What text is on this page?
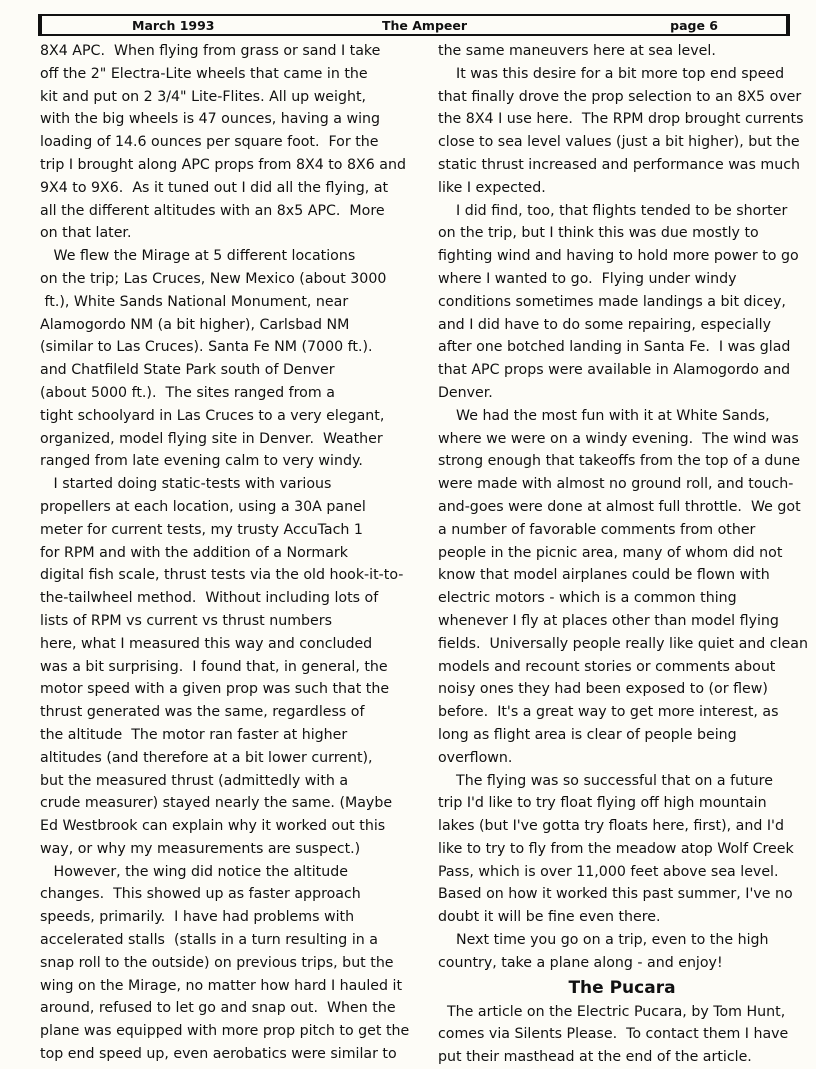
March 1993	The Ampeer	page 6

8X4 APC.  When flying from grass or sand I take

off the 2" Electra-Lite wheels that came in the

kit and put on 2 3/4" Lite-Flites. All up weight,

with the big wheels is 47 ounces, having a wing

loading of 14.6 ounces per square foot.  For the

trip I brought along APC props from 8X4 to 8X6 and

9X4 to 9X6.  As it tuned out I did all the flying, at

all the different altitudes with an 8x5 APC.  More

on that later.

We flew the Mirage at 5 different locations

on the trip; Las Cruces, New Mexico (about 3000

ft.), White Sands National Monument, near

Alamogordo NM (a bit higher), Carlsbad NM

(similar to Las Cruces). Santa Fe NM (7000 ft.).

and Chatfileld State Park south of Denver

(about 5000 ft.).  The sites ranged from a

tight schoolyard in Las Cruces to a very elegant,

organized, model flying site in Denver.  Weather

ranged from late evening calm to very windy.

I started doing static-tests with various

propellers at each location, using a 30A panel

meter for current tests, my trusty AccuTach 1

for RPM and with the addition of a Normark

digital fish scale, thrust tests via the old hook-it-to-

the-tailwheel method.  Without including lots of

lists of RPM vs current vs thrust numbers

here, what I measured this way and concluded

was a bit surprising.  I found that, in general, the

motor speed with a given prop was such that the

thrust generated was the same, regardless of

the altitude  The motor ran faster at higher

altitudes (and therefore at a bit lower current),

but the measured thrust (admittedly with a

crude measurer) stayed nearly the same. (Maybe

Ed Westbrook can explain why it worked out this

way, or why my measurements are suspect.)

However, the wing did notice the altitude

changes.  This showed up as faster approach

speeds, primarily.  I have had problems with

accelerated stalls  (stalls in a turn resulting in a

snap roll to the outside) on previous trips, but the

wing on the Mirage, no matter how hard I hauled it

around, refused to let go and snap out.  When the

plane was equipped with more prop pitch to get the

top end speed up, even aerobatics were similar to

the same maneuvers here at sea level.

It was this desire for a bit more top end speed

that finally drove the prop selection to an 8X5 over

the 8X4 I use here.  The RPM drop brought currents

close to sea level values (just a bit higher), but the

static thrust increased and performance was much

like I expected.

I did find, too, that flights tended to be shorter

on the trip, but I think this was due mostly to

fighting wind and having to hold more power to go

where I wanted to go.  Flying under windy

conditions sometimes made landings a bit dicey,

and I did have to do some repairing, especially

after one botched landing in Santa Fe.  I was glad

that APC props were available in Alamogordo and

Denver.

We had the most fun with it at White Sands,

where we were on a windy evening.  The wind was

strong enough that takeoffs from the top of a dune

were made with almost no ground roll, and touch-

and-goes were done at almost full throttle.  We got

a number of favorable comments from other

people in the picnic area, many of whom did not

know that model airplanes could be flown with

electric motors - which is a common thing

whenever I fly at places other than model flying

fields.  Universally people really like quiet and clean

models and recount stories or comments about

noisy ones they had been exposed to (or flew)

before.  It's a great way to get more interest, as

long as flight area is clear of people being

overflown.

The flying was so successful that on a future

trip I'd like to try float flying off high mountain

lakes (but I've gotta try floats here, first), and I'd

like to try to fly from the meadow atop Wolf Creek

Pass, which is over 11,000 feet above sea level.

Based on how it worked this past summer, I've no

doubt it will be fine even there.

Next time you go on a trip, even to the high

country, take a plane along - and enjoy!

The Pucara

The article on the Electric Pucara, by Tom Hunt,

comes via Silents Please.  To contact them I have

put their masthead at the end of the article.
